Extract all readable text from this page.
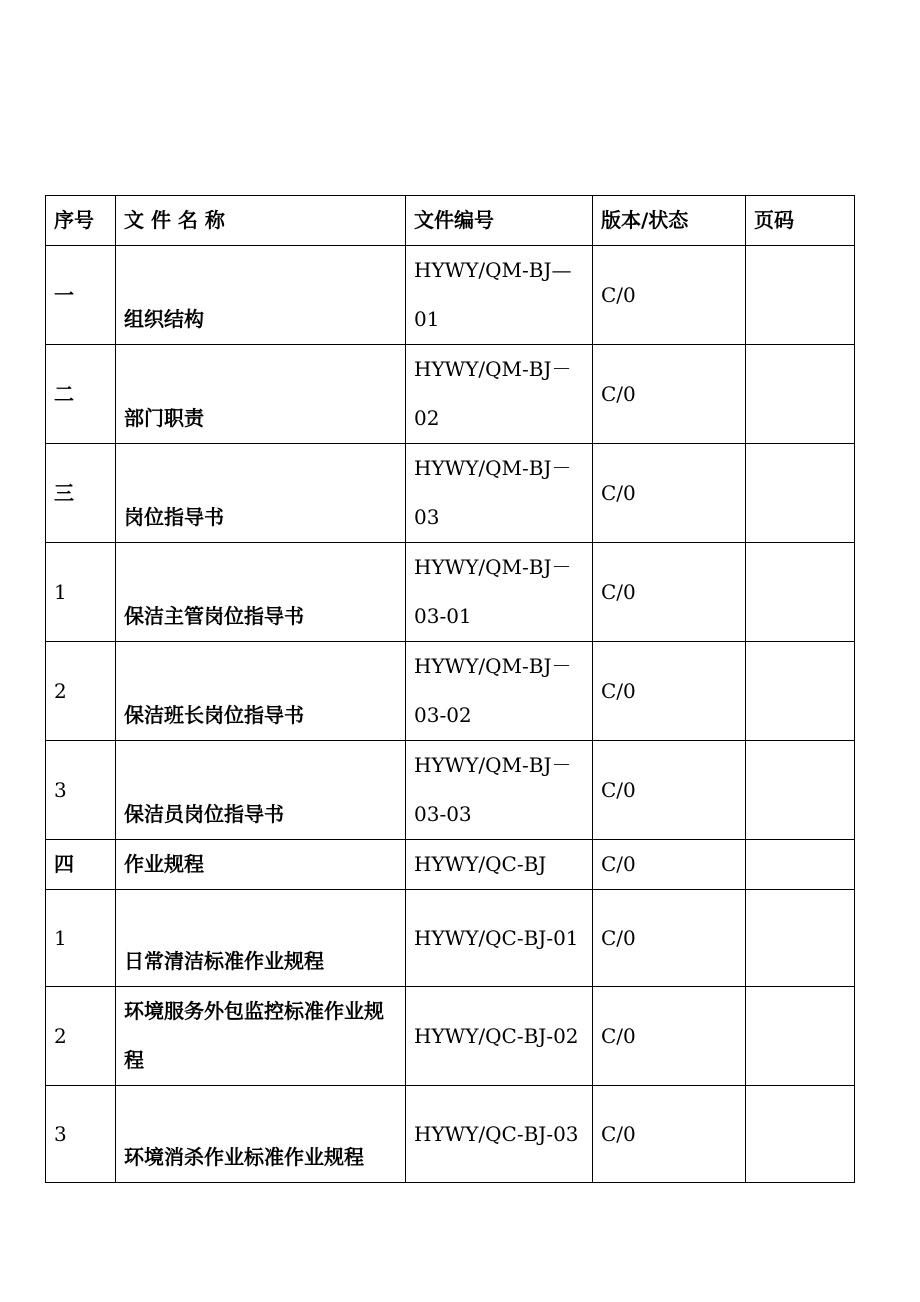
序号	文 件 名 称	文件编号	版本/状态	页码

一	组织结构	HYWY/QM-BJ—01	C/0	
二	部门职责	HYWY/QM-BJ－02	C/0	
三	岗位指导书	HYWY/QM-BJ－03	C/0	
1	保洁主管岗位指导书	HYWY/QM-BJ－03-01	C/0	
2	保洁班长岗位指导书	HYWY/QM-BJ－03-02	C/0	
3	保洁员岗位指导书	HYWY/QM-BJ－03-03	C/0	
四	作业规程	HYWY/QC-BJ	C/0	
1	日常清洁标准作业规程	HYWY/QC-BJ-01	C/0	
2	环境服务外包监控标准作业规程	HYWY/QC-BJ-02	C/0	
3	环境消杀作业标准作业规程	HYWY/QC-BJ-03	C/0	
